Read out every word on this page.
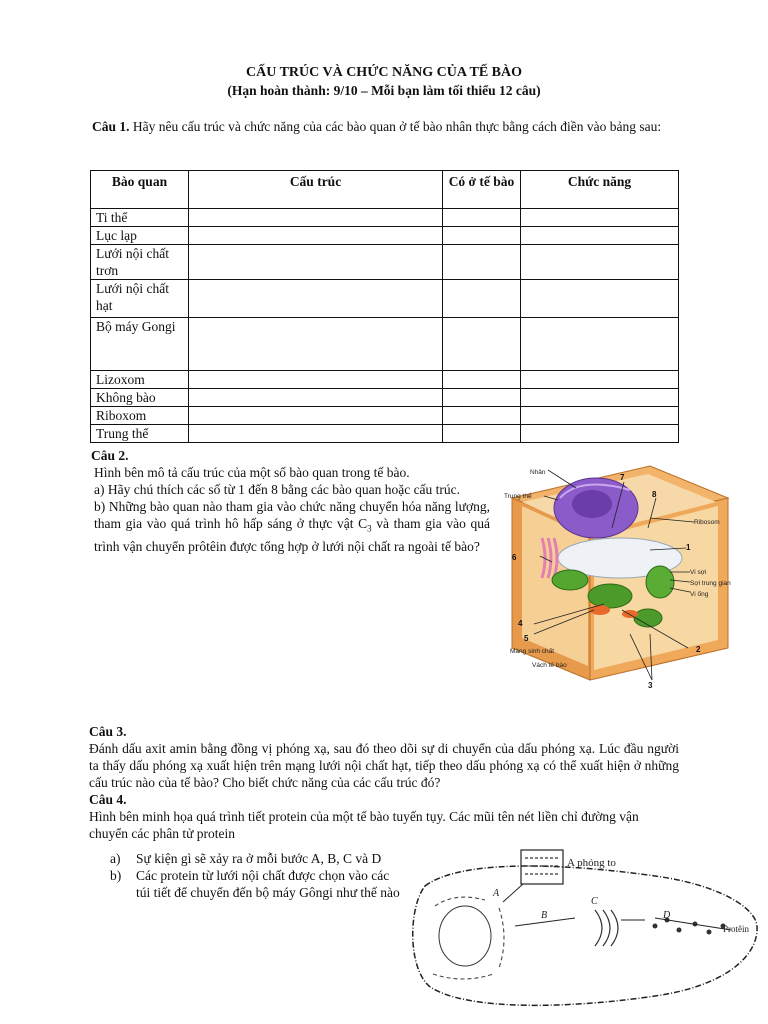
CẤU TRÚC VÀ CHỨC NĂNG CỦA TẾ BÀO
(Hạn hoàn thành: 9/10 – Mỗi bạn làm tối thiểu 12 câu)
Câu 1. Hãy nêu cấu trúc và chức năng của các bào quan ở tế bào nhân thực bằng cách điền vào bảng sau:
Bào quan	Cấu trúc	Có ở tế bào	Chức năng
Ti thể			
Lục lạp			
Lưới nội chất trơn			
Lưới nội chất hạt			
Bộ máy Gongi			
Lizoxom			
Không bào			
Riboxom			
Trung thể			
Câu 2.

Hình bên mô tả cấu trúc của một số bào quan trong tế bào.

a) Hãy chú thích các số từ 1 đến 8 bằng các bào quan hoặc cấu trúc.

b) Những bào quan nào tham gia vào chức năng chuyển hóa năng lượng, tham gia vào quá trình hô hấp sáng ở thực vật $C_3$ và tham gia vào quá trình vận chuyển prôtêin được tổng hợp ở lưới nội chất ra ngoài tế bào?

Nhân
Trung thể
Ribosom
Vi sợi
Sợi trung gian
Vi ống
Màng sinh chất
Vách tế bào
1
2
3
4
5
6
7
8

Câu 3.

Đánh dấu axit amin bằng đồng vị phóng xạ, sau đó theo dõi sự di chuyển của dấu phóng xạ. Lúc đầu người ta thấy dấu phóng xạ xuất hiện trên mạng lưới nội chất hạt, tiếp theo dấu phóng xạ có thể xuất hiện ở những cấu trúc nào của tế bào? Cho biết chức năng của các cấu trúc đó?

Câu 4.

Hình bên minh họa quá trình tiết protein của một tế bào tuyến tụy. Các mũi tên nét liền chỉ đường vận chuyển các phân tử protein

a)	Sự kiện gì sẽ xảy ra ở mỗi bước A, B, C và D
b)	Các protein từ lưới nội chất được chọn vào các túi tiết để chuyển đến bộ máy Gôngi như thế nào
A phóng to
A
B
C
D
Protêin
